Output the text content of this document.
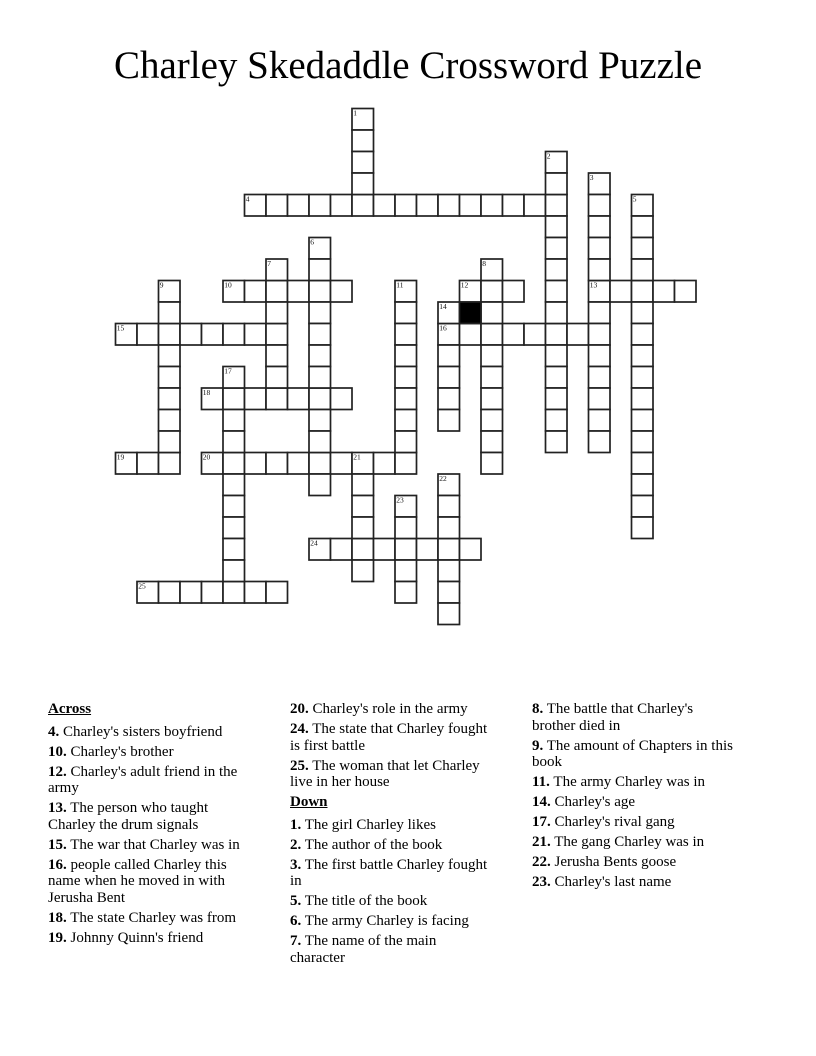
Charley Skedaddle Crossword Puzzle
4
10	12	13
15	16
18
19	20	21
24
25
1
2
3
5
6
7	8
9	11
14
17
22
23
Across
4. Charley's sisters boyfriend
10. Charley's brother
12. Charley's adult friend in the army
13. The person who taught Charley the drum signals
15. The war that Charley was in
16. people called Charley this name when he moved in with Jerusha Bent
18. The state Charley was from
19. Johnny Quinn's friend
20. Charley's role in the army
24. The state that Charley fought is first battle
25. The woman that let Charley live in her house
Down
1. The girl Charley likes
2. The author of the book
3. The first battle Charley fought in
5. The title of the book
6. The army Charley is facing
7. The name of the main character
8. The battle that Charley's brother died in
9. The amount of Chapters in this book
11. The army Charley was in
14. Charley's age
17. Charley's rival gang
21. The gang Charley was in
22. Jerusha Bents goose
23. Charley's last name
